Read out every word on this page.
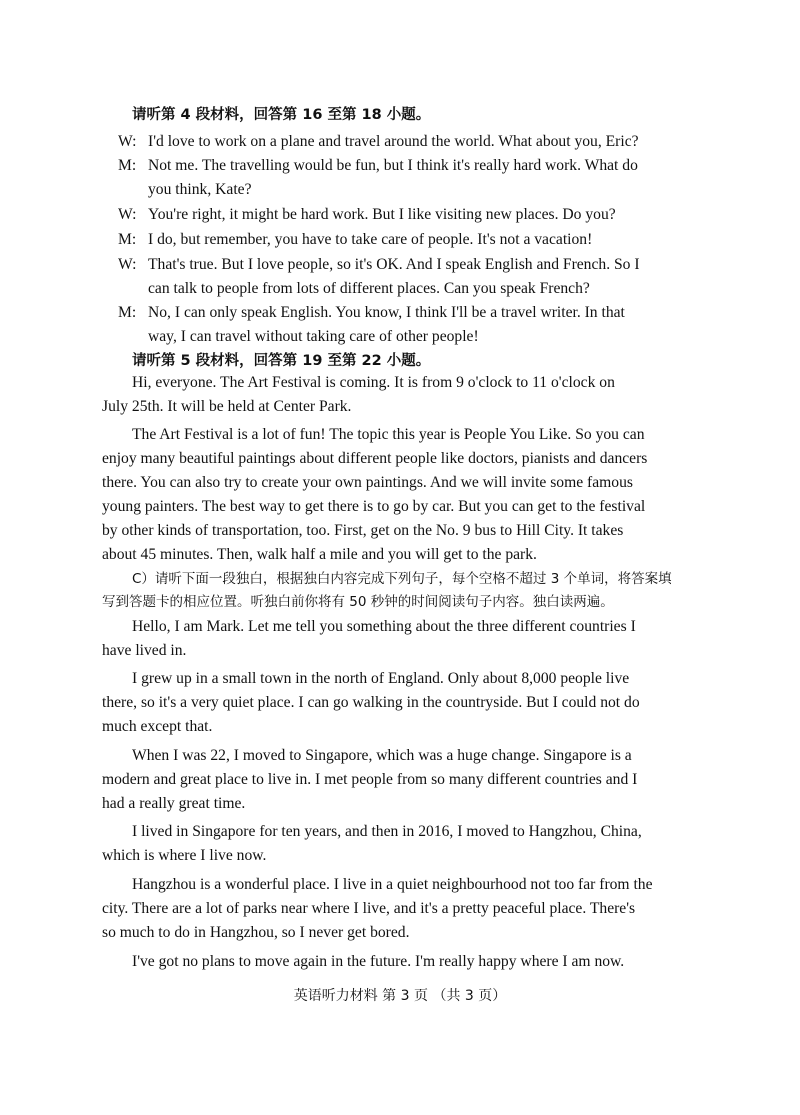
请听第 4 段材料，回答第 16 至第 18 小题。
W: I'd love to work on a plane and travel around the world. What about you, Eric?
M: Not me. The travelling would be fun, but I think it's really hard work. What do
you think, Kate?
W: You're right, it might be hard work. But I like visiting new places. Do you?
M: I do, but remember, you have to take care of people. It's not a vacation!
W: That's true. But I love people, so it's OK. And I speak English and French. So I
can talk to people from lots of different places. Can you speak French?
M: No, I can only speak English. You know, I think I'll be a travel writer. In that
way, I can travel without taking care of other people!
请听第 5 段材料，回答第 19 至第 22 小题。
Hi, everyone. The Art Festival is coming. It is from 9 o'clock to 11 o'clock on
July 25th. It will be held at Center Park.
The Art Festival is a lot of fun! The topic this year is People You Like. So you can
enjoy many beautiful paintings about different people like doctors, pianists and dancers
there. You can also try to create your own paintings. And we will invite some famous
young painters. The best way to get there is to go by car. But you can get to the festival
by other kinds of transportation, too. First, get on the No. 9 bus to Hill City. It takes
about 45 minutes. Then, walk half a mile and you will get to the park.
C）请听下面一段独白，根据独白内容完成下列句子，每个空格不超过 3 个单词，将答案填
写到答题卡的相应位置。听独白前你将有 50 秒钟的时间阅读句子内容。独白读两遍。
Hello, I am Mark. Let me tell you something about the three different countries I
have lived in.
I grew up in a small town in the north of England. Only about 8,000 people live
there, so it's a very quiet place. I can go walking in the countryside. But I could not do
much except that.
When I was 22, I moved to Singapore, which was a huge change. Singapore is a
modern and great place to live in. I met people from so many different countries and I
had a really great time.
I lived in Singapore for ten years, and then in 2016, I moved to Hangzhou, China,
which is where I live now.
Hangzhou is a wonderful place. I live in a quiet neighbourhood not too far from the
city. There are a lot of parks near where I live, and it's a pretty peaceful place. There's
so much to do in Hangzhou, so I never get bored.
I've got no plans to move again in the future. I'm really happy where I am now.
英语听力材料 第 3 页 （共 3 页）
